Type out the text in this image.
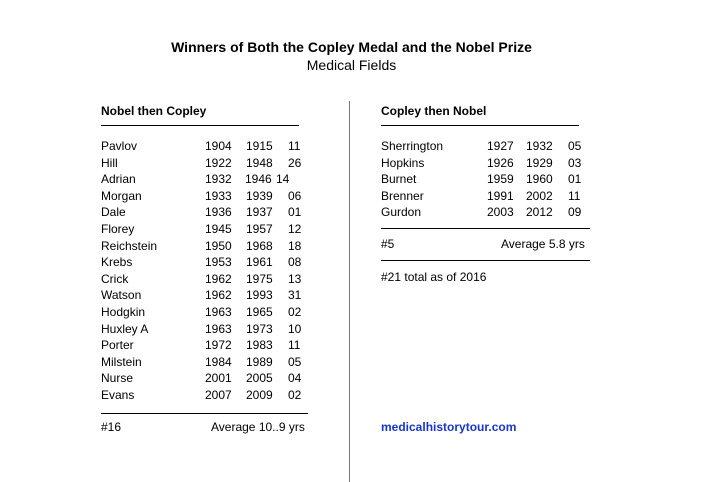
Winners of Both the Copley Medal and the Nobel Prize
Medical Fields
Nobel then Copley
Pavlov	1904 1915 11
Hill	1922 1948 26
Adrian	1932 1946 14
Morgan	1933 1939 06
Dale	1936 1937 01
Florey	1945 1957 12
Reichstein	1950 1968 18
Krebs	1953 1961 08
Crick	1962 1975 13
Watson	1962 1993 31
Hodgkin	1963 1965 02
Huxley A	1963 1973 10
Porter	1972 1983 11
Milstein	1984 1989 05
Nurse	2001 2005 04
Evans	2007 2009 02
#16	Average 10..9 yrs
Copley then Nobel
Sherrington	1927 1932 05
Hopkins	1926 1929 03
Burnet	1959 1960 01
Brenner	1991 2002 11
Gurdon	2003 2012 09
#5	Average 5.8 yrs
#21 total as of 2016
medicalhistorytour.com
